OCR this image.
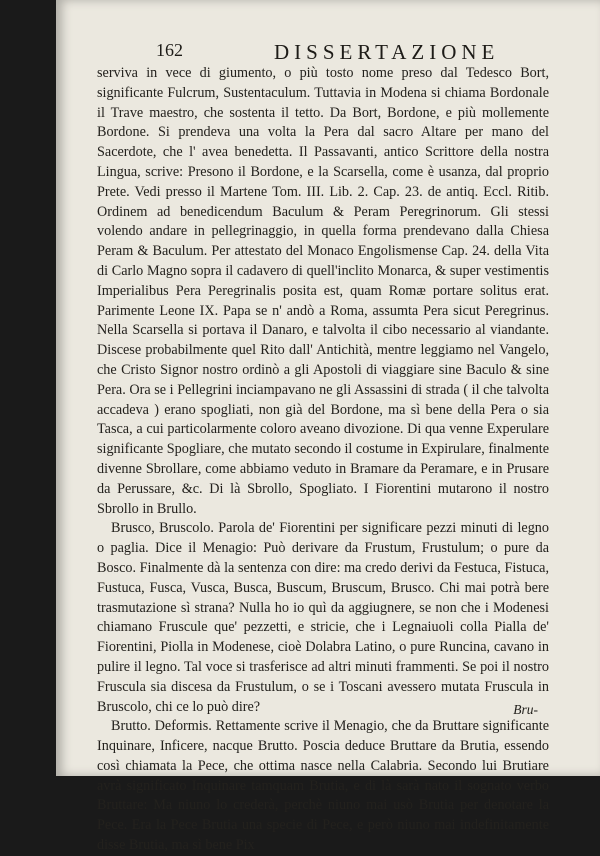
162	DISSERTAZIONE

serviva in vece di giumento, o più tosto nome preso dal Tedesco Bort, significante Fulcrum, Sustentaculum. Tuttavia in Modena si chiama Bordonale il Trave maestro, che sostenta il tetto. Da Bort, Bordone, e più mollemente Bordone. Si prendeva una volta la Pera dal sacro Altare per mano del Sacerdote, che l' avea benedetta. Il Passavanti, antico Scrittore della nostra Lingua, scrive: Presono il Bordone, e la Scarsella, come è usanza, dal proprio Prete. Vedi presso il Martene Tom. III. Lib. 2. Cap. 23. de antiq. Eccl. Ritib. Ordinem ad benedicendum Baculum & Peram Peregrinorum. Gli stessi volendo andare in pellegrinaggio, in quella forma prendevano dalla Chiesa Peram & Baculum. Per attestato del Monaco Engolismense Cap. 24. della Vita di Carlo Magno sopra il cadavero di quell'inclito Monarca, & super vestimentis Imperialibus Pera Peregrinalis posita est, quam Romæ portare solitus erat. Parimente Leone IX. Papa se n' andò a Roma, assumta Pera sicut Peregrinus. Nella Scarsella si portava il Danaro, e talvolta il cibo necessario al viandante. Discese probabilmente quel Rito dall' Antichità, mentre leggiamo nel Vangelo, che Cristo Signor nostro ordinò a gli Apostoli di viaggiare sine Baculo & sine Pera. Ora se i Pellegrini inciampavano ne gli Assassini di strada ( il che talvolta accadeva ) erano spogliati, non già del Bordone, ma sì bene della Pera o sia Tasca, a cui particolarmente coloro aveano divozione. Di qua venne Experulare significante Spogliare, che mutato secondo il costume in Expirulare, finalmente divenne Sbrollare, come abbiamo veduto in Bramare da Peramare, e in Prusare da Perussare, &c. Di là Sbrollo, Spogliato. I Fiorentini mutarono il nostro Sbrollo in Brullo.

Brusco, Bruscolo. Parola de' Fiorentini per significare pezzi minuti di legno o paglia. Dice il Menagio: Può derivare da Frustum, Frustulum; o pure da Bosco. Finalmente dà la sentenza con dire: ma credo derivi da Festuca, Fistuca, Fustuca, Fusca, Vusca, Busca, Buscum, Bruscum, Brusco. Chi mai potrà bere trasmutazione sì strana? Nulla ho io quì da aggiugnere, se non che i Modenesi chiamano Fruscule que' pezzetti, e stricie, che i Legnaiuoli colla Pialla de' Fiorentini, Piolla in Modenese, cioè Dolabra Latino, o pure Runcina, cavano in pulire il legno. Tal voce si trasferisce ad altri minuti frammenti. Se poi il nostro Fruscula sia discesa da Frustulum, o se i Toscani avessero mutata Fruscula in Bruscolo, chi ce lo può dire?

Brutto. Deformis. Rettamente scrive il Menagio, che da Bruttare significante Inquinare, Inficere, nacque Brutto. Poscia deduce Bruttare da Brutia, essendo così chiamata la Pece, che ottima nasce nella Calabria. Secondo lui Brutiare avrà significato Inquinare tamquam Brutia, e di là sarà nato il sognato verbo Bruttare: Ma niuno lo crederà, perchè niuno mai usò Brutia per denotare la Pece. Era la Pece Brutia una specie di Pece, e però niuno mai indefinitamente disse Brutia, ma sì bene Pix

Bru-
